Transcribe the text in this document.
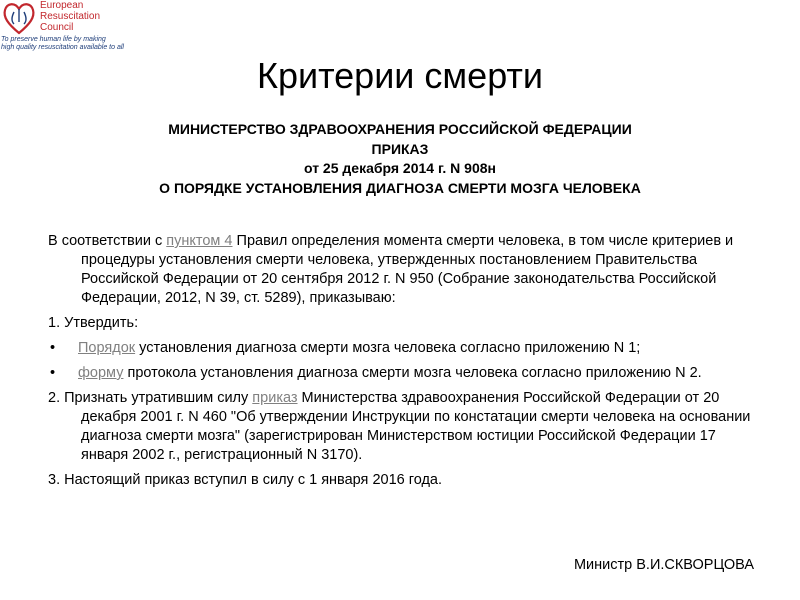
European
Resuscitation
Council
To preserve human life by making
high quality resuscitation available to all
Критерии смерти
МИНИСТЕРСТВО ЗДРАВООХРАНЕНИЯ РОССИЙСКОЙ ФЕДЕРАЦИИ
ПРИКАЗ
от 25 декабря 2014 г. N 908н
О ПОРЯДКЕ УСТАНОВЛЕНИЯ ДИАГНОЗА СМЕРТИ МОЗГА ЧЕЛОВЕКА

В соответствии с пунктом 4 Правил определения момента смерти человека, в том числе критериев и процедуры установления смерти человека, утвержденных постановлением Правительства Российской Федерации от 20 сентября 2012 г. N 950 (Собрание законодательства Российской Федерации, 2012, N 39, ст. 5289), приказываю:

1. Утвердить:

• Порядок установления диагноза смерти мозга человека согласно приложению N 1;
• форму протокола установления диагноза смерти мозга человека согласно приложению N 2.

2. Признать утратившим силу приказ Министерства здравоохранения Российской Федерации от 20 декабря 2001 г. N 460 "Об утверждении Инструкции по констатации смерти человека на основании диагноза смерти мозга" (зарегистрирован Министерством юстиции Российской Федерации 17 января 2002 г., регистрационный N 3170).

3. Настоящий приказ вступил в силу с 1 января 2016 года.

Министр В.И.СКВОРЦОВА
